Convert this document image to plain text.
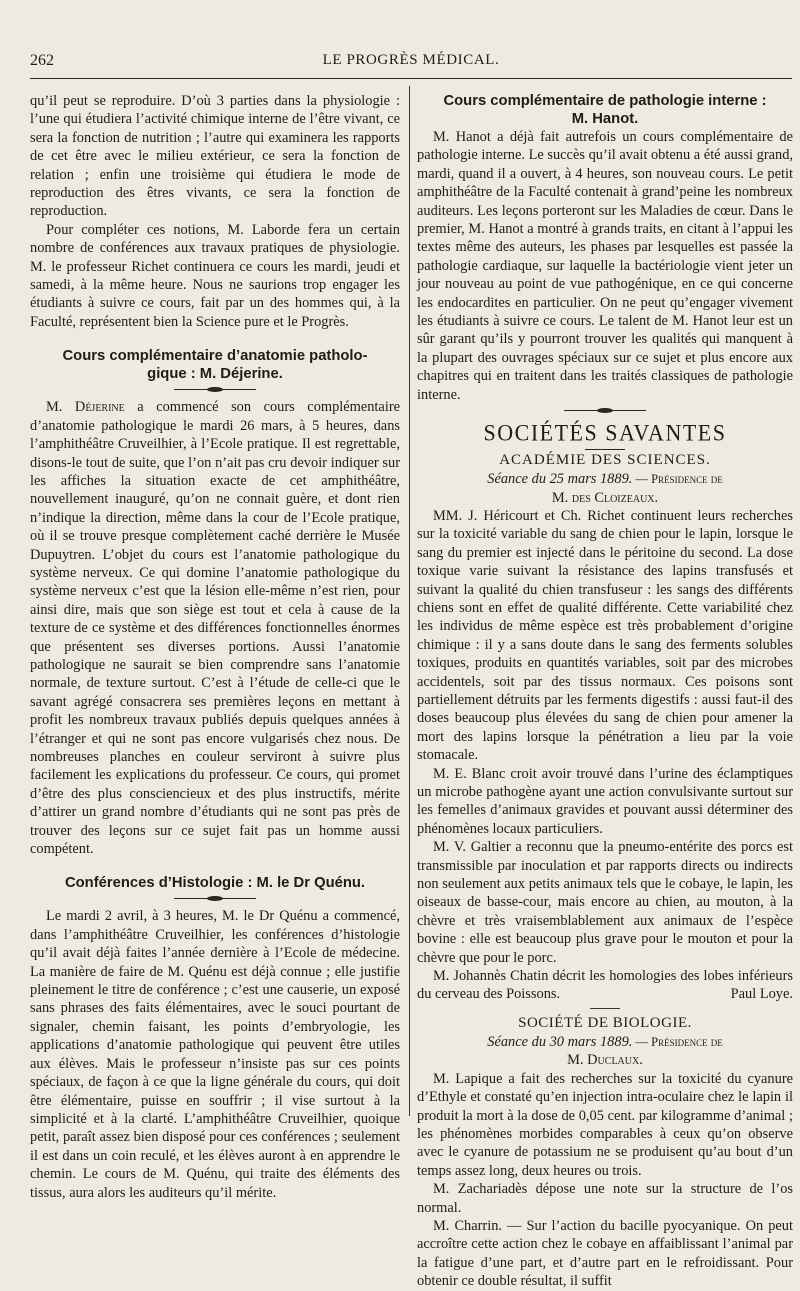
262	LE PROGRÈS MÉDICAL.

qu’il peut se reproduire. D’où 3 parties dans la physiologie : l’une qui étudiera l’activité chimique interne de l’être vivant, ce sera la fonction de nutrition ; l’autre qui examinera les rapports de cet être avec le milieu extérieur, ce sera la fonction de relation ; enfin une troisième qui étudiera le mode de reproduction des êtres vivants, ce sera la fonction de reproduction.

Pour compléter ces notions, M. Laborde fera un certain nombre de conférences aux travaux pratiques de physiologie. M. le professeur Richet continuera ce cours les mardi, jeudi et samedi, à la même heure. Nous ne saurions trop engager les étudiants à suivre ce cours, fait par un des hommes qui, à la Faculté, représentent bien la Science pure et le Progrès.

Cours complémentaire d’anatomie patholo-
gique : M. Déjerine.

M. Déjerine a commencé son cours complémentaire d’anatomie pathologique le mardi 26 mars, à 5 heures, dans l’amphithéâtre Cruveilhier, à l’Ecole pratique. Il est regrettable, disons-le tout de suite, que l’on n’ait pas cru devoir indiquer sur les affiches la situation exacte de cet amphithéâtre, nouvellement inauguré, qu’on ne connait guère, et dont rien n’indique la direction, même dans la cour de l’Ecole pratique, où il se trouve presque complètement caché derrière le Musée Dupuytren. L’objet du cours est l’anatomie pathologique du système nerveux. Ce qui domine l’anatomie pathologique du système nerveux c’est que la lésion elle-même n’est rien, pour ainsi dire, mais que son siège est tout et cela à cause de la texture de ce système et des différences fonctionnelles énormes que présentent ses diverses portions. Aussi l’anatomie pathologique ne saurait se bien comprendre sans l’anatomie normale, de texture surtout. C’est à l’étude de celle-ci que le savant agrégé consacrera ses premières leçons en mettant à profit les nombreux travaux publiés depuis quelques années à l’étranger et qui ne sont pas encore vulgarisés chez nous. De nombreuses planches en couleur serviront à suivre plus facilement les explications du professeur. Ce cours, qui promet d’être des plus consciencieux et des plus instructifs, mérite d’attirer un grand nombre d’étudiants qui ne sont pas près de trouver des leçons sur ce sujet fait pas un homme aussi compétent.

Conférences d’Histologie : M. le Dr Quénu.

Le mardi 2 avril, à 3 heures, M. le Dr Quénu a commencé, dans l’amphithéâtre Cruveilhier, les conférences d’histologie qu’il avait déjà faites l’année dernière à l’Ecole de médecine. La manière de faire de M. Quénu est déjà connue ; elle justifie pleinement le titre de conférence ; c’est une causerie, un exposé sans phrases des faits élémentaires, avec le souci pourtant de signaler, chemin faisant, les points d’embryologie, les applications d’anatomie pathologique qui peuvent être utiles aux élèves. Mais le professeur n’insiste pas sur ces points spéciaux, de façon à ce que la ligne générale du cours, qui doit être élémentaire, puisse en souffrir ; il vise surtout à la simplicité et à la clarté. L’amphithéâtre Cruveilhier, quoique petit, paraît assez bien disposé pour ces conférences ; seulement il est dans un coin reculé, et les élèves auront à en apprendre le chemin. Le cours de M. Quénu, qui traite des éléments des tissus, aura alors les auditeurs qu’il mérite.

Cours complémentaire de pathologie interne :
M. Hanot.

M. Hanot a déjà fait autrefois un cours complémentaire de pathologie interne. Le succès qu’il avait obtenu a été aussi grand, mardi, quand il a ouvert, à 4 heures, son nouveau cours. Le petit amphithéâtre de la Faculté contenait à grand’peine les nombreux auditeurs. Les leçons porteront sur les Maladies de cœur. Dans le premier, M. Hanot a montré à grands traits, en citant à l’appui les textes même des auteurs, les phases par lesquelles est passée la pathologie cardiaque, sur laquelle la bactériologie vient jeter un jour nouveau au point de vue pathogénique, en ce qui concerne les endocardites en particulier. On ne peut qu’engager vivement les étudiants à suivre ce cours. Le talent de M. Hanot leur est un sûr garant qu’ils y pourront trouver les qualités qui manquent à la plupart des ouvrages spéciaux sur ce sujet et plus encore aux chapitres qui en traitent dans les traités classiques de pathologie interne.

SOCIÉTÉS SAVANTES
ACADÉMIE DES SCIENCES.
Séance du 25 mars 1889. — Présidence de
M. des Cloizeaux.

MM. J. Héricourt et Ch. Richet continuent leurs recherches sur la toxicité variable du sang de chien pour le lapin, lorsque le sang du premier est injecté dans le péritoine du second. La dose toxique varie suivant la résistance des lapins transfusés et suivant la qualité du chien transfuseur : les sangs des différents chiens sont en effet de qualité différente. Cette variabilité chez les individus de même espèce est très probablement d’origine chimique : il y a sans doute dans le sang des ferments solubles toxiques, produits en quantités variables, soit par des microbes accidentels, soit par des tissus normaux. Ces poisons sont partiellement détruits par les ferments digestifs : aussi faut-il des doses beaucoup plus élevées du sang de chien pour amener la mort des lapins lorsque la pénétration a lieu par la voie stomacale.

M. E. Blanc croit avoir trouvé dans l’urine des éclamptiques un microbe pathogène ayant une action convulsivante surtout sur les femelles d’animaux gravides et pouvant aussi déterminer des phénomènes locaux particuliers.

M. V. Galtier a reconnu que la pneumo-entérite des porcs est transmissible par inoculation et par rapports directs ou indirects non seulement aux petits animaux tels que le cobaye, le lapin, les oiseaux de basse-cour, mais encore au chien, au mouton, à la chèvre et très vraisemblablement aux animaux de l’espèce bovine : elle est beaucoup plus grave pour le mouton et pour la chèvre que pour le porc.

M. Johannès Chatin décrit les homologies des lobes inférieurs du cerveau des Poissons.	Paul Loye.

SOCIÉTÉ DE BIOLOGIE.
Séance du 30 mars 1889. — Présidence de
M. Duclaux.

M. Lapique a fait des recherches sur la toxicité du cyanure d’Ethyle et constaté qu’en injection intra-oculaire chez le lapin il produit la mort à la dose de 0,05 cent. par kilogramme d’animal ; les phénomènes morbides comparables à ceux qu’on observe avec le cyanure de potassium ne se produisent qu’au bout d’un temps assez long, deux heures ou trois.

M. Zachariadès dépose une note sur la structure de l’os normal.

M. Charrin. — Sur l’action du bacille pyocyanique. On peut accroître cette action chez le cobaye en affaiblissant l’animal par la fatigue d’une part, et d’autre part en le refroidissant. Pour obtenir ce double résultat, il suffit
